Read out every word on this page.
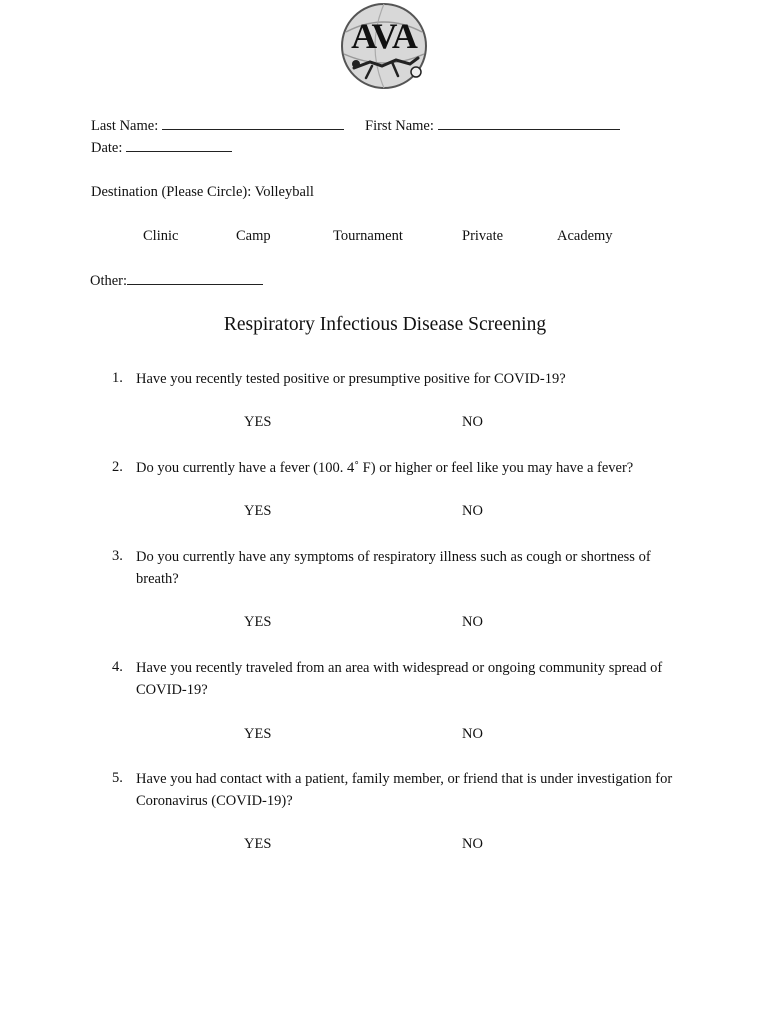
AVA
Last Name:	First Name:
Date:
Destination (Please Circle): Volleyball
Clinic	Camp	Tournament	Private	Academy
Other:
Respiratory Infectious Disease Screening
1. Have you recently tested positive or presumptive positive for COVID-19?
YES	NO
2. Do you currently have a fever (100. 4˚ F) or higher or feel like you may have a fever?
YES	NO
3. Do you currently have any symptoms of respiratory illness such as cough or shortness of breath?
YES	NO
4. Have you recently traveled from an area with widespread or ongoing community spread of COVID-19?
YES	NO
5. Have you had contact with a patient, family member, or friend that is under investigation for Coronavirus (COVID-19)?
YES	NO
